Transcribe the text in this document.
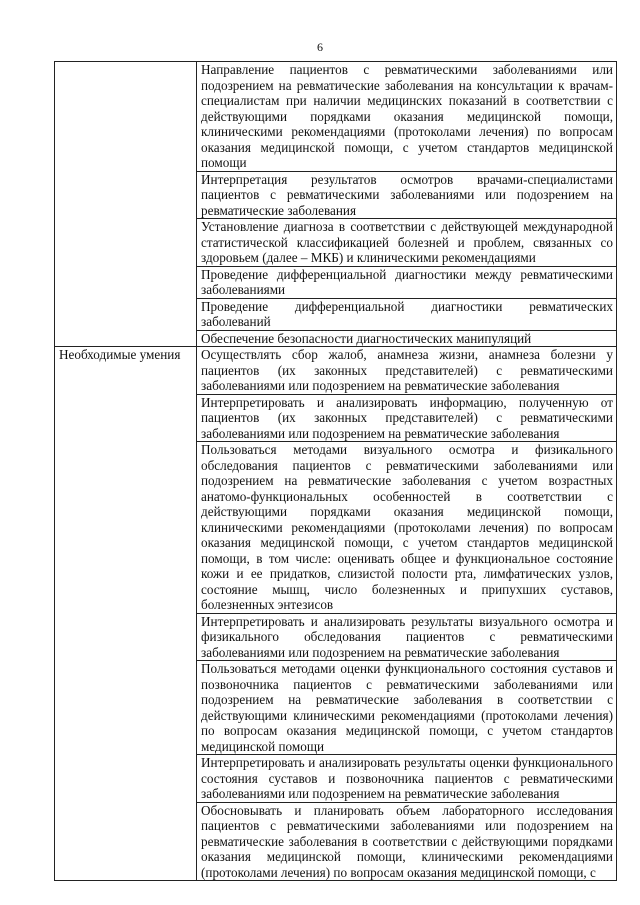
6
	Направление пациентов с ревматическими заболеваниями или подозрением на ревматические заболевания на консультации к врачам-специалистам при наличии медицинских показаний в соответствии с действующими порядками оказания медицинской помощи, клиническими рекомендациями (протоколами лечения) по вопросам оказания медицинской помощи, с учетом стандартов медицинской помощи
	Интерпретация результатов осмотров врачами-специалистами пациентов с ревматическими заболеваниями или подозрением на ревматические заболевания
	Установление диагноза в соответствии с действующей международной статистической классификацией болезней и проблем, связанных со здоровьем (далее – МКБ) и клиническими рекомендациями
	Проведение дифференциальной диагностики между ревматическими заболеваниями
	Проведение дифференциальной диагностики ревматических заболеваний
	Обеспечение безопасности диагностических манипуляций
Необходимые умения	Осуществлять сбор жалоб, анамнеза жизни, анамнеза болезни у пациентов (их законных представителей) с ревматическими заболеваниями или подозрением на ревматические заболевания
	Интерпретировать и анализировать информацию, полученную от пациентов (их законных представителей) с ревматическими заболеваниями или подозрением на ревматические заболевания
	Пользоваться методами визуального осмотра и физикального обследования пациентов с ревматическими заболеваниями или подозрением на ревматические заболевания с учетом возрастных анатомо-функциональных особенностей в соответствии с действующими порядками оказания медицинской помощи, клиническими рекомендациями (протоколами лечения) по вопросам оказания медицинской помощи, с учетом стандартов медицинской помощи, в том числе: оценивать общее и функциональное состояние кожи и ее придатков, слизистой полости рта, лимфатических узлов, состояние мышц, число болезненных и припухших суставов, болезненных энтезисов
	Интерпретировать и анализировать результаты визуального осмотра и физикального обследования пациентов с ревматическими заболеваниями или подозрением на ревматические заболевания
	Пользоваться методами оценки функционального состояния суставов и позвоночника пациентов с ревматическими заболеваниями или подозрением на ревматические заболевания в соответствии с действующими клиническими рекомендациями (протоколами лечения) по вопросам оказания медицинской помощи, с учетом стандартов медицинской помощи
	Интерпретировать и анализировать результаты оценки функционального состояния суставов и позвоночника пациентов с ревматическими заболеваниями или подозрением на ревматические заболевания
	Обосновывать и планировать объем лабораторного исследования пациентов с ревматическими заболеваниями или подозрением на ревматические заболевания в соответствии с действующими порядками оказания медицинской помощи, клиническими рекомендациями (протоколами лечения) по вопросам оказания медицинской помощи, с
